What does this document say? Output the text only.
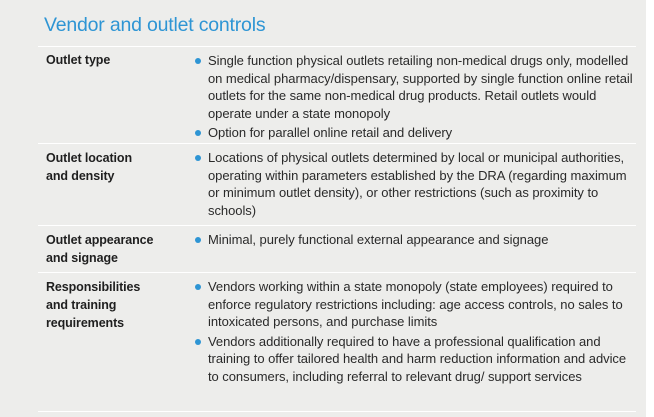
Vendor and outlet controls
Outlet type	Single function physical outlets retailing non-medical drugs only, modelled on medical pharmacy/dispensary, supported by single function online retail outlets for the same non-medical drug products. Retail outlets would operate under a state monopoly
Option for parallel online retail and delivery
Outlet location
and density
Locations of physical outlets determined by local or municipal authorities, operating within parameters established by the DRA (regarding maximum or minimum outlet density), or other restrictions (such as proximity to schools)
Outlet appearance
and signage
Minimal, purely functional external appearance and signage
Responsibilities
and training
requirements
Vendors working within a state monopoly (state employees) required to enforce regulatory restrictions including: age access controls, no sales to intoxicated persons, and purchase limits
Vendors additionally required to have a professional qualification and training to offer tailored health and harm reduction information and advice to consumers, including referral to relevant drug/ support services
